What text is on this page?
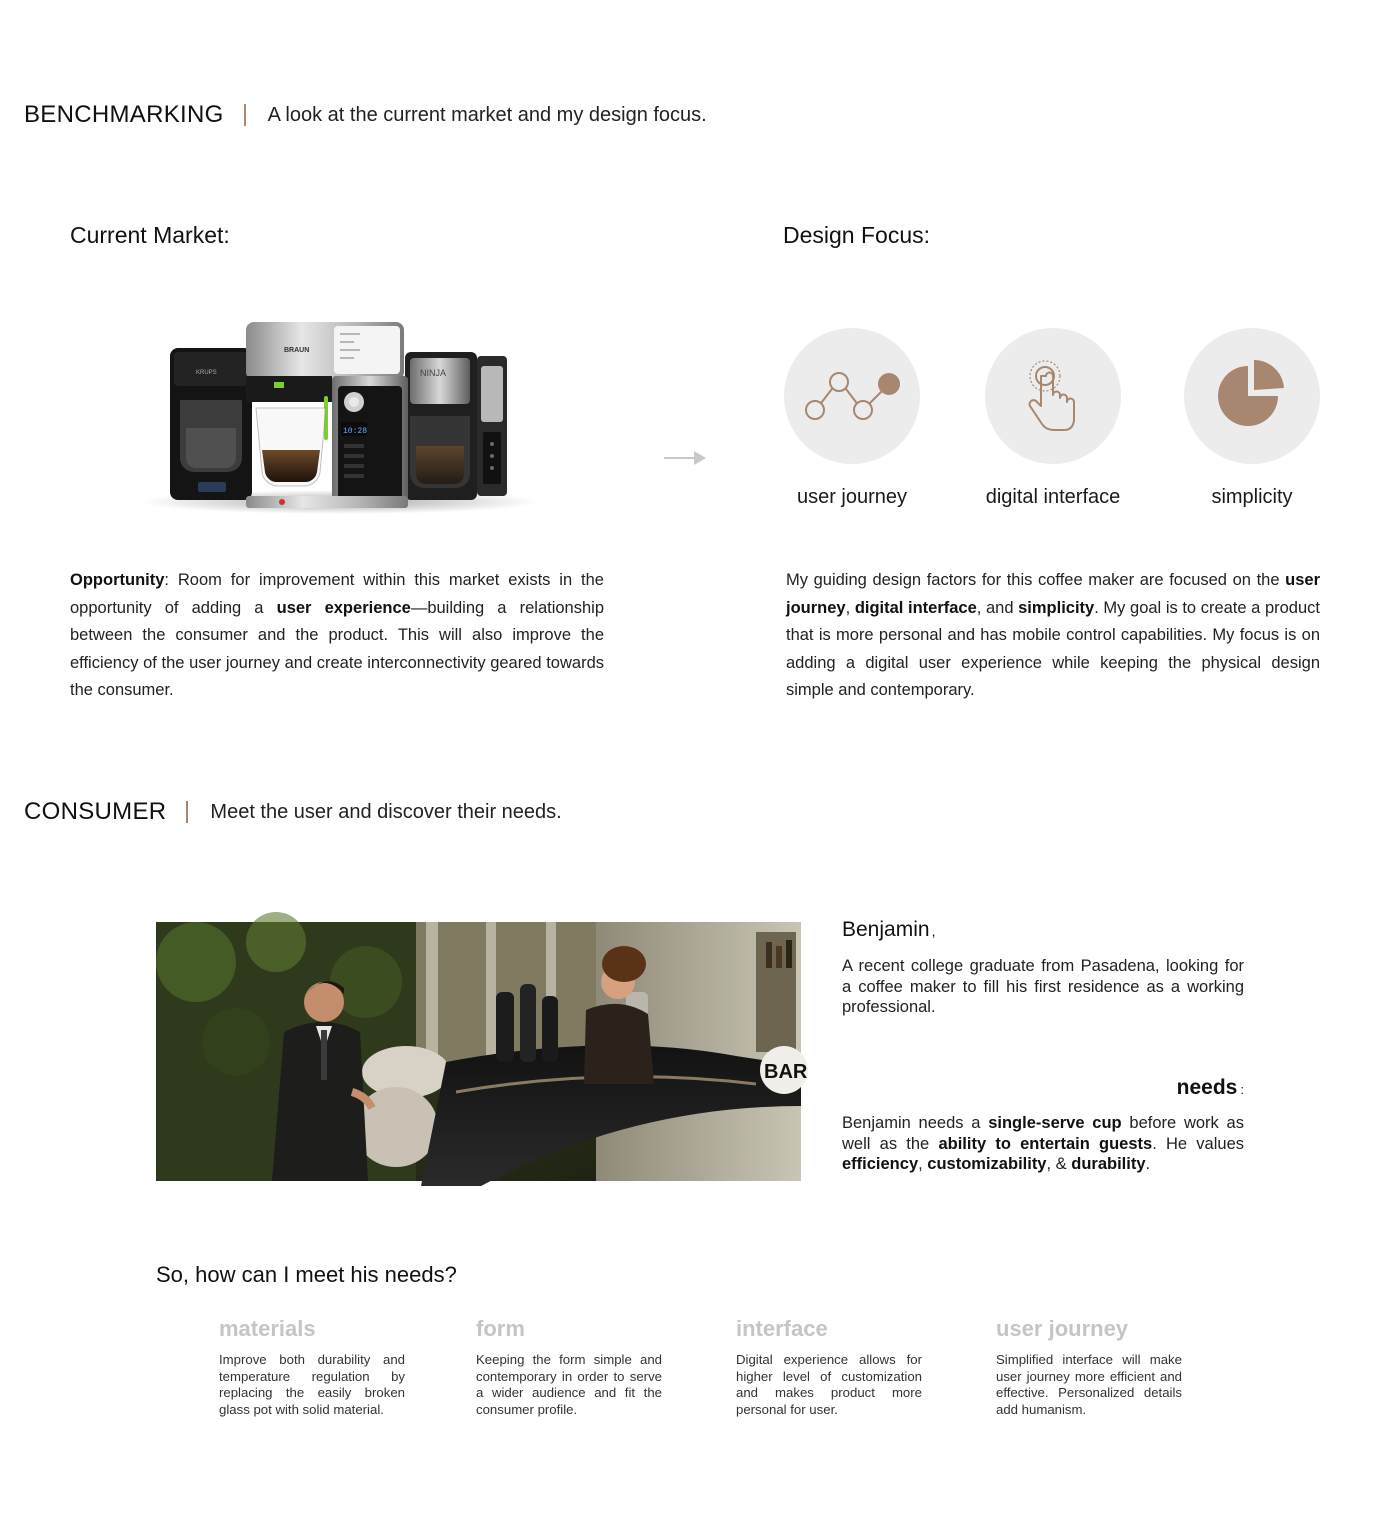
BENCHMARKING A look at the current market and my design focus.
Current Market:
NINJA
KRUPS
BRAUN
10:28

Opportunity: Room for improvement within this market exists in the opportunity of adding a user experience—building a relationship between the consumer and the product. This will also improve the efficiency of the user journey and create interconnectivity geared towards the consumer.

Design Focus:
user journey	digital interface	simplicity

My guiding design factors for this coffee maker are focused on the user journey, digital interface, and simplicity. My goal is to create a product that is more personal and has mobile control capabilities. My focus is on adding a digital user experience while keeping the physical design simple and contemporary.

CONSUMER Meet the user and discover their needs.
BAR
Benjamin ,

A recent college graduate from Pasadena, looking for a coffee maker to fill his first residence as a working professional.

needs :

Benjamin needs a single-serve cup before work as well as the ability to entertain guests. He values efficiency, customizability, & durability.

So, how can I meet his needs?
materials

Improve both durability and temperature regulation by replacing the easily broken glass pot with solid material.

form

Keeping the form simple and contemporary in order to serve a wider audience and fit the consumer profile.

interface

Digital experience allows for higher level of customization and makes product more personal for user.

user journey

Simplified interface will make user journey more efficient and effective. Personalized details add humanism.
